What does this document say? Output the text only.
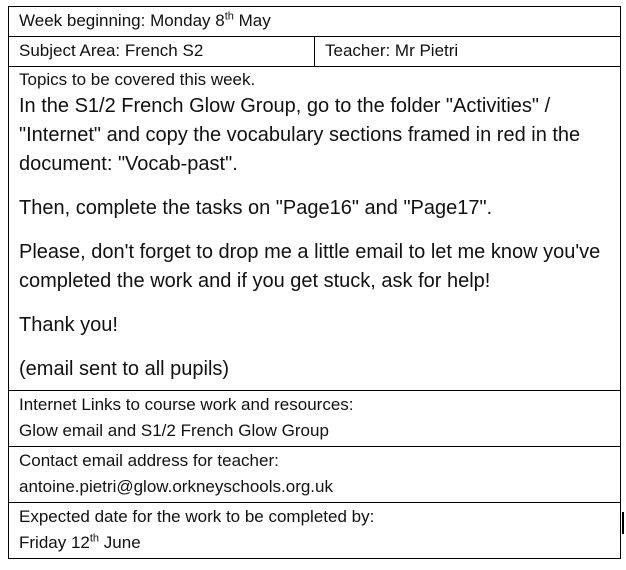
Week beginning: Monday 8th May
Subject Area: French S2	Teacher: Mr Pietri

Topics to be covered this week.

In the S1/2 French Glow Group, go to the folder "Activities" / "Internet" and copy the vocabulary sections framed in red in the document: "Vocab-past".

Then, complete the tasks on "Page16" and "Page17".

Please, don't forget to drop me a little email to let me know you've completed the work and if you get stuck, ask for help!

Thank you!

(email sent to all pupils)

Internet Links to course work and resources:
Glow email and S1/2 French Glow Group

Contact email address for teacher:
antoine.pietri@glow.orkneyschools.org.uk

Expected date for the work to be completed by:
Friday 12th June
